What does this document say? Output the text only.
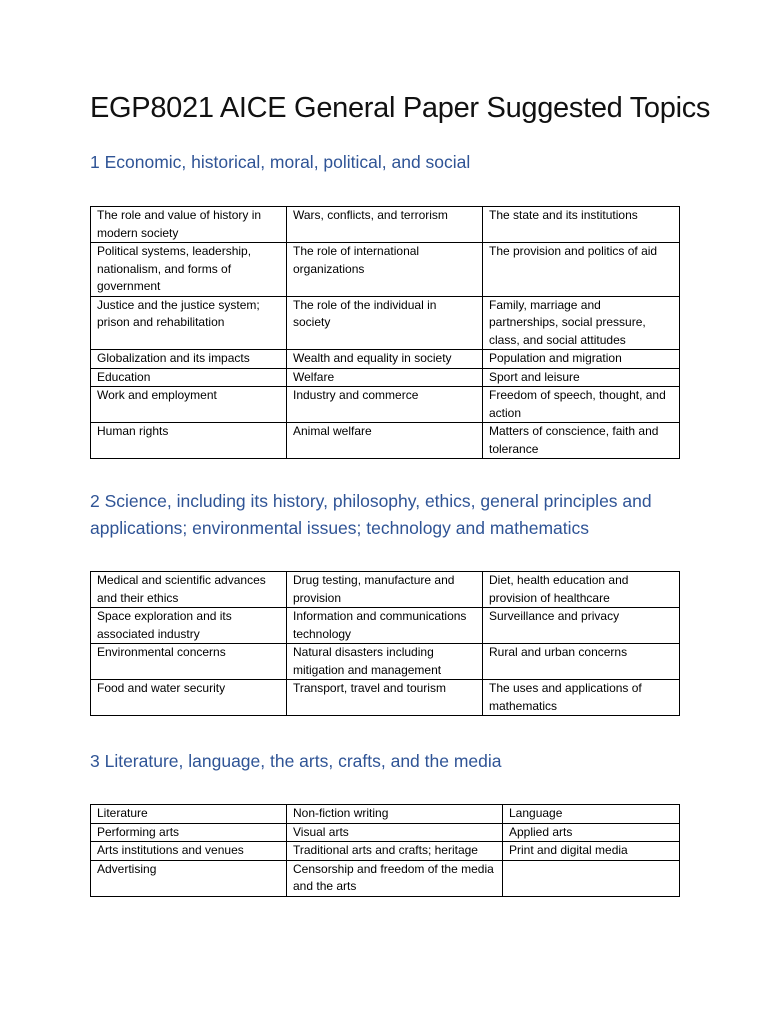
EGP8021 AICE General Paper Suggested Topics
1 Economic, historical, moral, political, and social
The role and value of history in modern society	Wars, conflicts, and terrorism	The state and its institutions
Political systems, leadership, nationalism, and forms of government	The role of international organizations	The provision and politics of aid
Justice and the justice system; prison and rehabilitation	The role of the individual in society	Family, marriage and partnerships, social pressure, class, and social attitudes
Globalization and its impacts	Wealth and equality in society	Population and migration
Education	Welfare	Sport and leisure
Work and employment	Industry and commerce	Freedom of speech, thought, and action
Human rights	Animal welfare	Matters of conscience, faith and tolerance
2 Science, including its history, philosophy, ethics, general principles and applications; environmental issues; technology and mathematics
Medical and scientific advances and their ethics	Drug testing, manufacture and provision	Diet, health education and provision of healthcare
Space exploration and its associated industry	Information and communications technology	Surveillance and privacy
Environmental concerns	Natural disasters including mitigation and management	Rural and urban concerns
Food and water security	Transport, travel and tourism	The uses and applications of mathematics
3 Literature, language, the arts, crafts, and the media
Literature	Non-fiction writing	Language
Performing arts	Visual arts	Applied arts
Arts institutions and venues	Traditional arts and crafts; heritage	Print and digital media
Advertising	Censorship and freedom of the media and the arts	
